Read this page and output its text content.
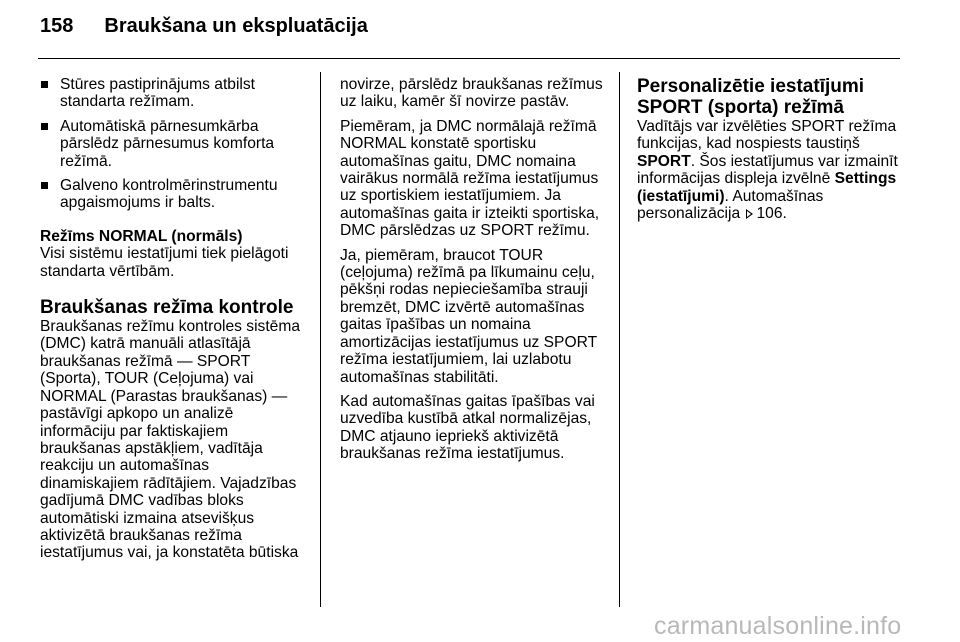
158 Braukšana un ekspluatācija
Stūres pastiprinājums atbilst standarta režīmam.
Automātiskā pārnesumkārba pārslēdz pārnesumus komforta režīmā.
Galveno kontrolmērinstrumentu apgaismojums ir balts.
Režīms NORMAL (normāls)

Visi sistēmu iestatījumi tiek pielāgoti standarta vērtībām.

Braukšanas režīma kontrole

Braukšanas režīmu kontroles sistēma (DMC) katrā manuāli atlasītājā braukšanas režīmā — SPORT (Sporta), TOUR (Ceļojuma) vai NORMAL (Parastas braukšanas) — pastāvīgi apkopo un analizē informāciju par faktiskajiem braukšanas apstākļiem, vadītāja reakciju un automašīnas dinamiskajiem rādītājiem. Vajadzības gadījumā DMC vadības bloks automātiski izmaina atsevišķus aktivizētā braukšanas režīma iestatījumus vai, ja konstatēta būtiska

novirze, pārslēdz braukšanas režīmus uz laiku, kamēr šī novirze pastāv.

Piemēram, ja DMC normālajā režīmā NORMAL konstatē sportisku automašīnas gaitu, DMC nomaina vairākus normālā režīma iestatījumus uz sportiskiem iestatījumiem. Ja automašīnas gaita ir izteikti sportiska, DMC pārslēdzas uz SPORT režīmu.

Ja, piemēram, braucot TOUR (ceļojuma) režīmā pa līkumainu ceļu, pēkšņi rodas nepieciešamība strauji bremzēt, DMC izvērtē automašīnas gaitas īpašības un nomaina amortizācijas iestatījumus uz SPORT režīma iestatījumiem, lai uzlabotu automašīnas stabilitāti.

Kad automašīnas gaitas īpašības vai uzvedība kustībā atkal normalizējas, DMC atjauno iepriekš aktivizētā braukšanas režīma iestatījumus.

Personalizētie iestatījumi SPORT (sporta) režīmā

Vadītājs var izvēlēties SPORT režīma funkcijas, kad nospiests taustiņš SPORT. Šos iestatījumus var izmainīt informācijas displeja izvēlnē Settings (iestatījumi). Automašīnas personalizācija 106.

carmanualsonline.info
